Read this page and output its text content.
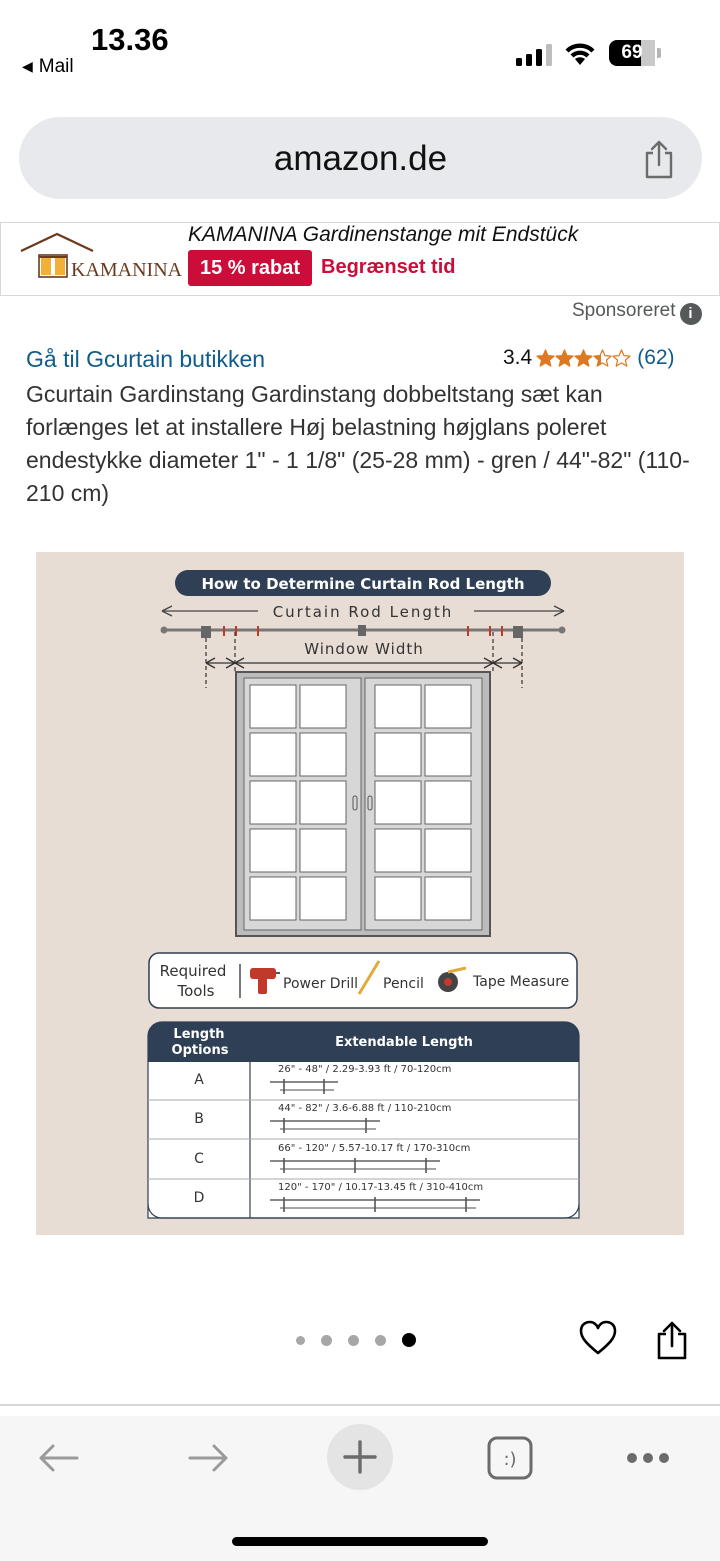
13.36
◀ Mail
69
amazon.de
KAMANINA
KAMANINA Gardinenstange mit Endstück
15 % rabat	Begrænset tid
Sponsoreret i
Gå til Gcurtain butikken	3.4	(62)
Gcurtain Gardinstang Gardinstang dobbeltstang sæt kan forlænges let at installere Høj belastning højglans poleret endestykke diameter 1" - 1 1/8" (25-28 mm) - gren / 44"-82" (110-210 cm)
How to Determine Curtain Rod Length
Curtain Rod Length
Window Width
Required
Tools	Power Drill Pencil	Tape Measure
Length
Options
Extendable Length
A
26" - 48" / 2.29-3.93 ft / 70-120cm
B
44" - 82" / 3.6-6.88 ft / 110-210cm
C
66" - 120" / 5.57-10.17 ft / 170-310cm
D
120" - 170" / 10.17-13.45 ft / 310-410cm
:)
